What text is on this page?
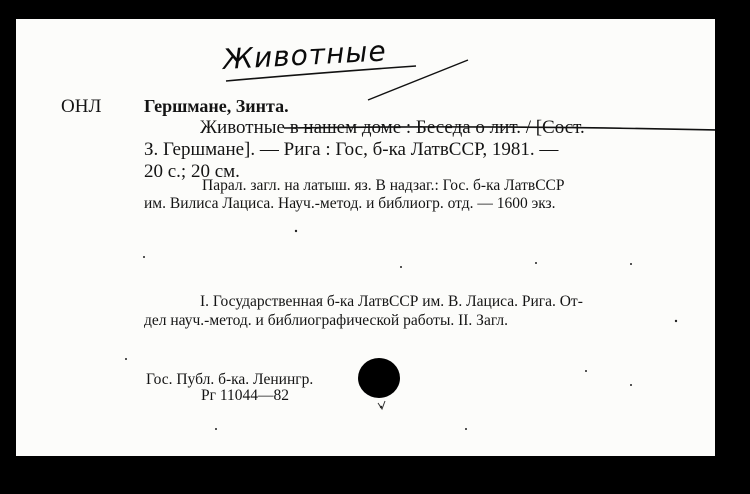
Животные
ОНЛ Гершмане, Зинта.
Животные в нашем доме : Беседа о лит. / [Сост.
З. Гершмане]. — Рига : Гос, б-ка ЛатвССР, 1981. —
20 с.; 20 см.
Парал. загл. на латыш. яз. В надзаг.: Гос. б-ка ЛатвССР
им. Вилиса Лациса. Науч.-метод. и библиогр. отд. — 1600 экз.
I. Государственная б-ка ЛатвССР им. В. Лациса. Рига. От-
дел науч.-метод. и библиографической работы. II. Загл.
Гос. Публ. б-ка. Ленингр.
Рг 11044—82
